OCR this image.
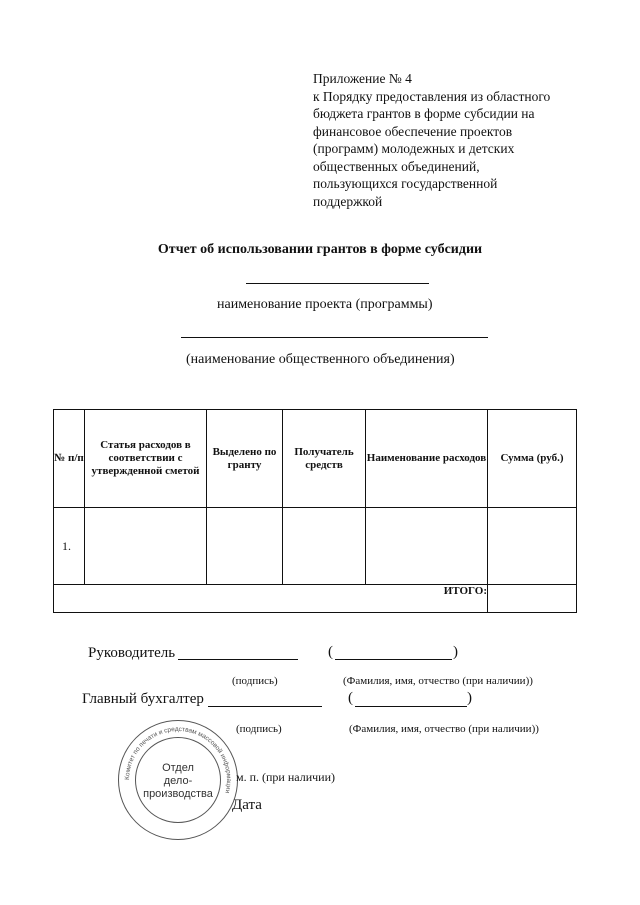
Приложение № 4
к Порядку предоставления из областного
бюджета грантов в форме субсидии на
финансовое обеспечение проектов
(программ) молодежных и детских
общественных объединений,
пользующихся государственной
поддержкой
Отчет об использовании грантов в форме субсидии
наименование проекта (программы)
(наименование общественного объединения)
№ п/п	Статья расходов в соответствии с утвержденной сметой	Выделено по гранту	Получатель средств	Наименование расходов	Сумма (руб.)
1.					
ИТОГО:					
Руководитель	(	)
(подпись)	(Фамилия, имя, отчество (при наличии))
Главный бухгалтер	(	)
(подпись)	(Фамилия, имя, отчество (при наличии))
Комитет по печати и средствам массовой информации
Отдел
дело-
производства
м. п. (при наличии)
Дата
